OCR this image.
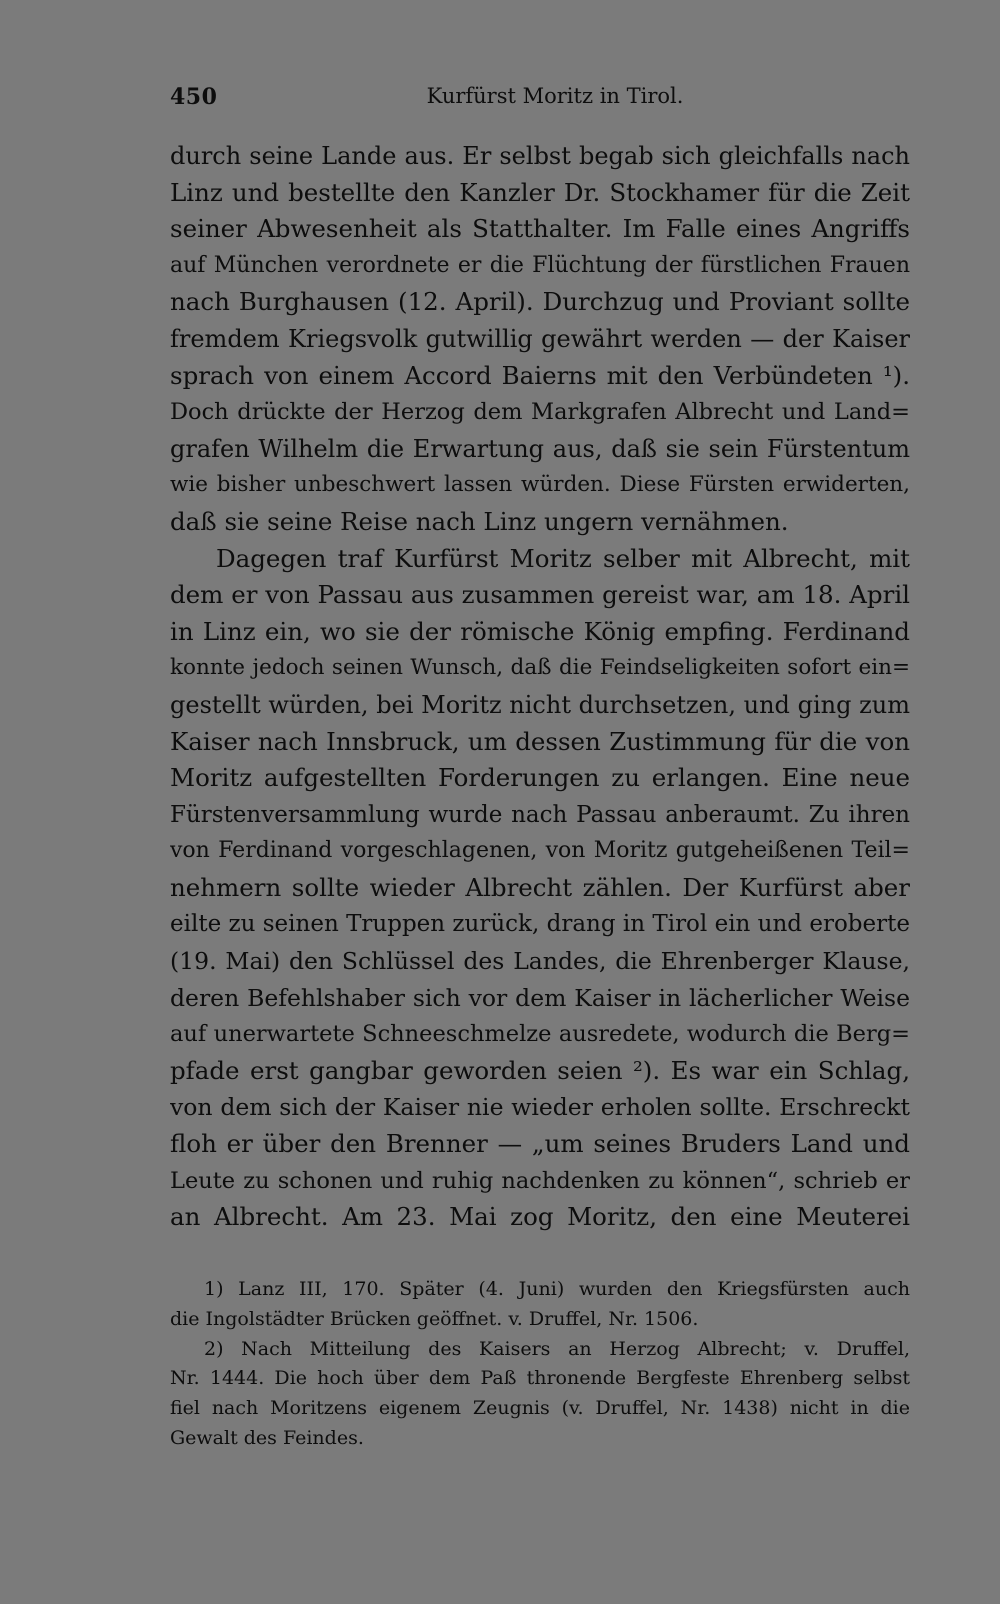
450	Kurfürst Moritz in Tirol.
durch seine Lande aus. Er selbst begab sich gleichfalls nach
Linz und bestellte den Kanzler Dr. Stockhamer für die Zeit
seiner Abwesenheit als Statthalter. Im Falle eines Angriffs
auf München verordnete er die Flüchtung der fürstlichen Frauen
nach Burghausen (12. April). Durchzug und Proviant sollte
fremdem Kriegsvolk gutwillig gewährt werden — der Kaiser
sprach von einem Accord Baierns mit den Verbündeten ¹).
Doch drückte der Herzog dem Markgrafen Albrecht und Land=
grafen Wilhelm die Erwartung aus, daß sie sein Fürstentum
wie bisher unbeschwert lassen würden. Diese Fürsten erwiderten,
daß sie seine Reise nach Linz ungern vernähmen.
Dagegen traf Kurfürst Moritz selber mit Albrecht, mit
dem er von Passau aus zusammen gereist war, am 18. April
in Linz ein, wo sie der römische König empfing. Ferdinand
konnte jedoch seinen Wunsch, daß die Feindseligkeiten sofort ein=
gestellt würden, bei Moritz nicht durchsetzen, und ging zum
Kaiser nach Innsbruck, um dessen Zustimmung für die von
Moritz aufgestellten Forderungen zu erlangen. Eine neue
Fürstenversammlung wurde nach Passau anberaumt. Zu ihren
von Ferdinand vorgeschlagenen, von Moritz gutgeheißenen Teil=
nehmern sollte wieder Albrecht zählen. Der Kurfürst aber
eilte zu seinen Truppen zurück, drang in Tirol ein und eroberte
(19. Mai) den Schlüssel des Landes, die Ehrenberger Klause,
deren Befehlshaber sich vor dem Kaiser in lächerlicher Weise
auf unerwartete Schneeschmelze ausredete, wodurch die Berg=
pfade erst gangbar geworden seien ²). Es war ein Schlag,
von dem sich der Kaiser nie wieder erholen sollte. Erschreckt
floh er über den Brenner — „um seines Bruders Land und
Leute zu schonen und ruhig nachdenken zu können“, schrieb er
an Albrecht. Am 23. Mai zog Moritz, den eine Meuterei
1) Lanz III, 170. Später (4. Juni) wurden den Kriegsfürsten auch
die Ingolstädter Brücken geöffnet. v. Druffel, Nr. 1506.
2) Nach Mitteilung des Kaisers an Herzog Albrecht; v. Druffel,
Nr. 1444. Die hoch über dem Paß thronende Bergfeste Ehrenberg selbst
fiel nach Moritzens eigenem Zeugnis (v. Druffel, Nr. 1438) nicht in die
Gewalt des Feindes.
